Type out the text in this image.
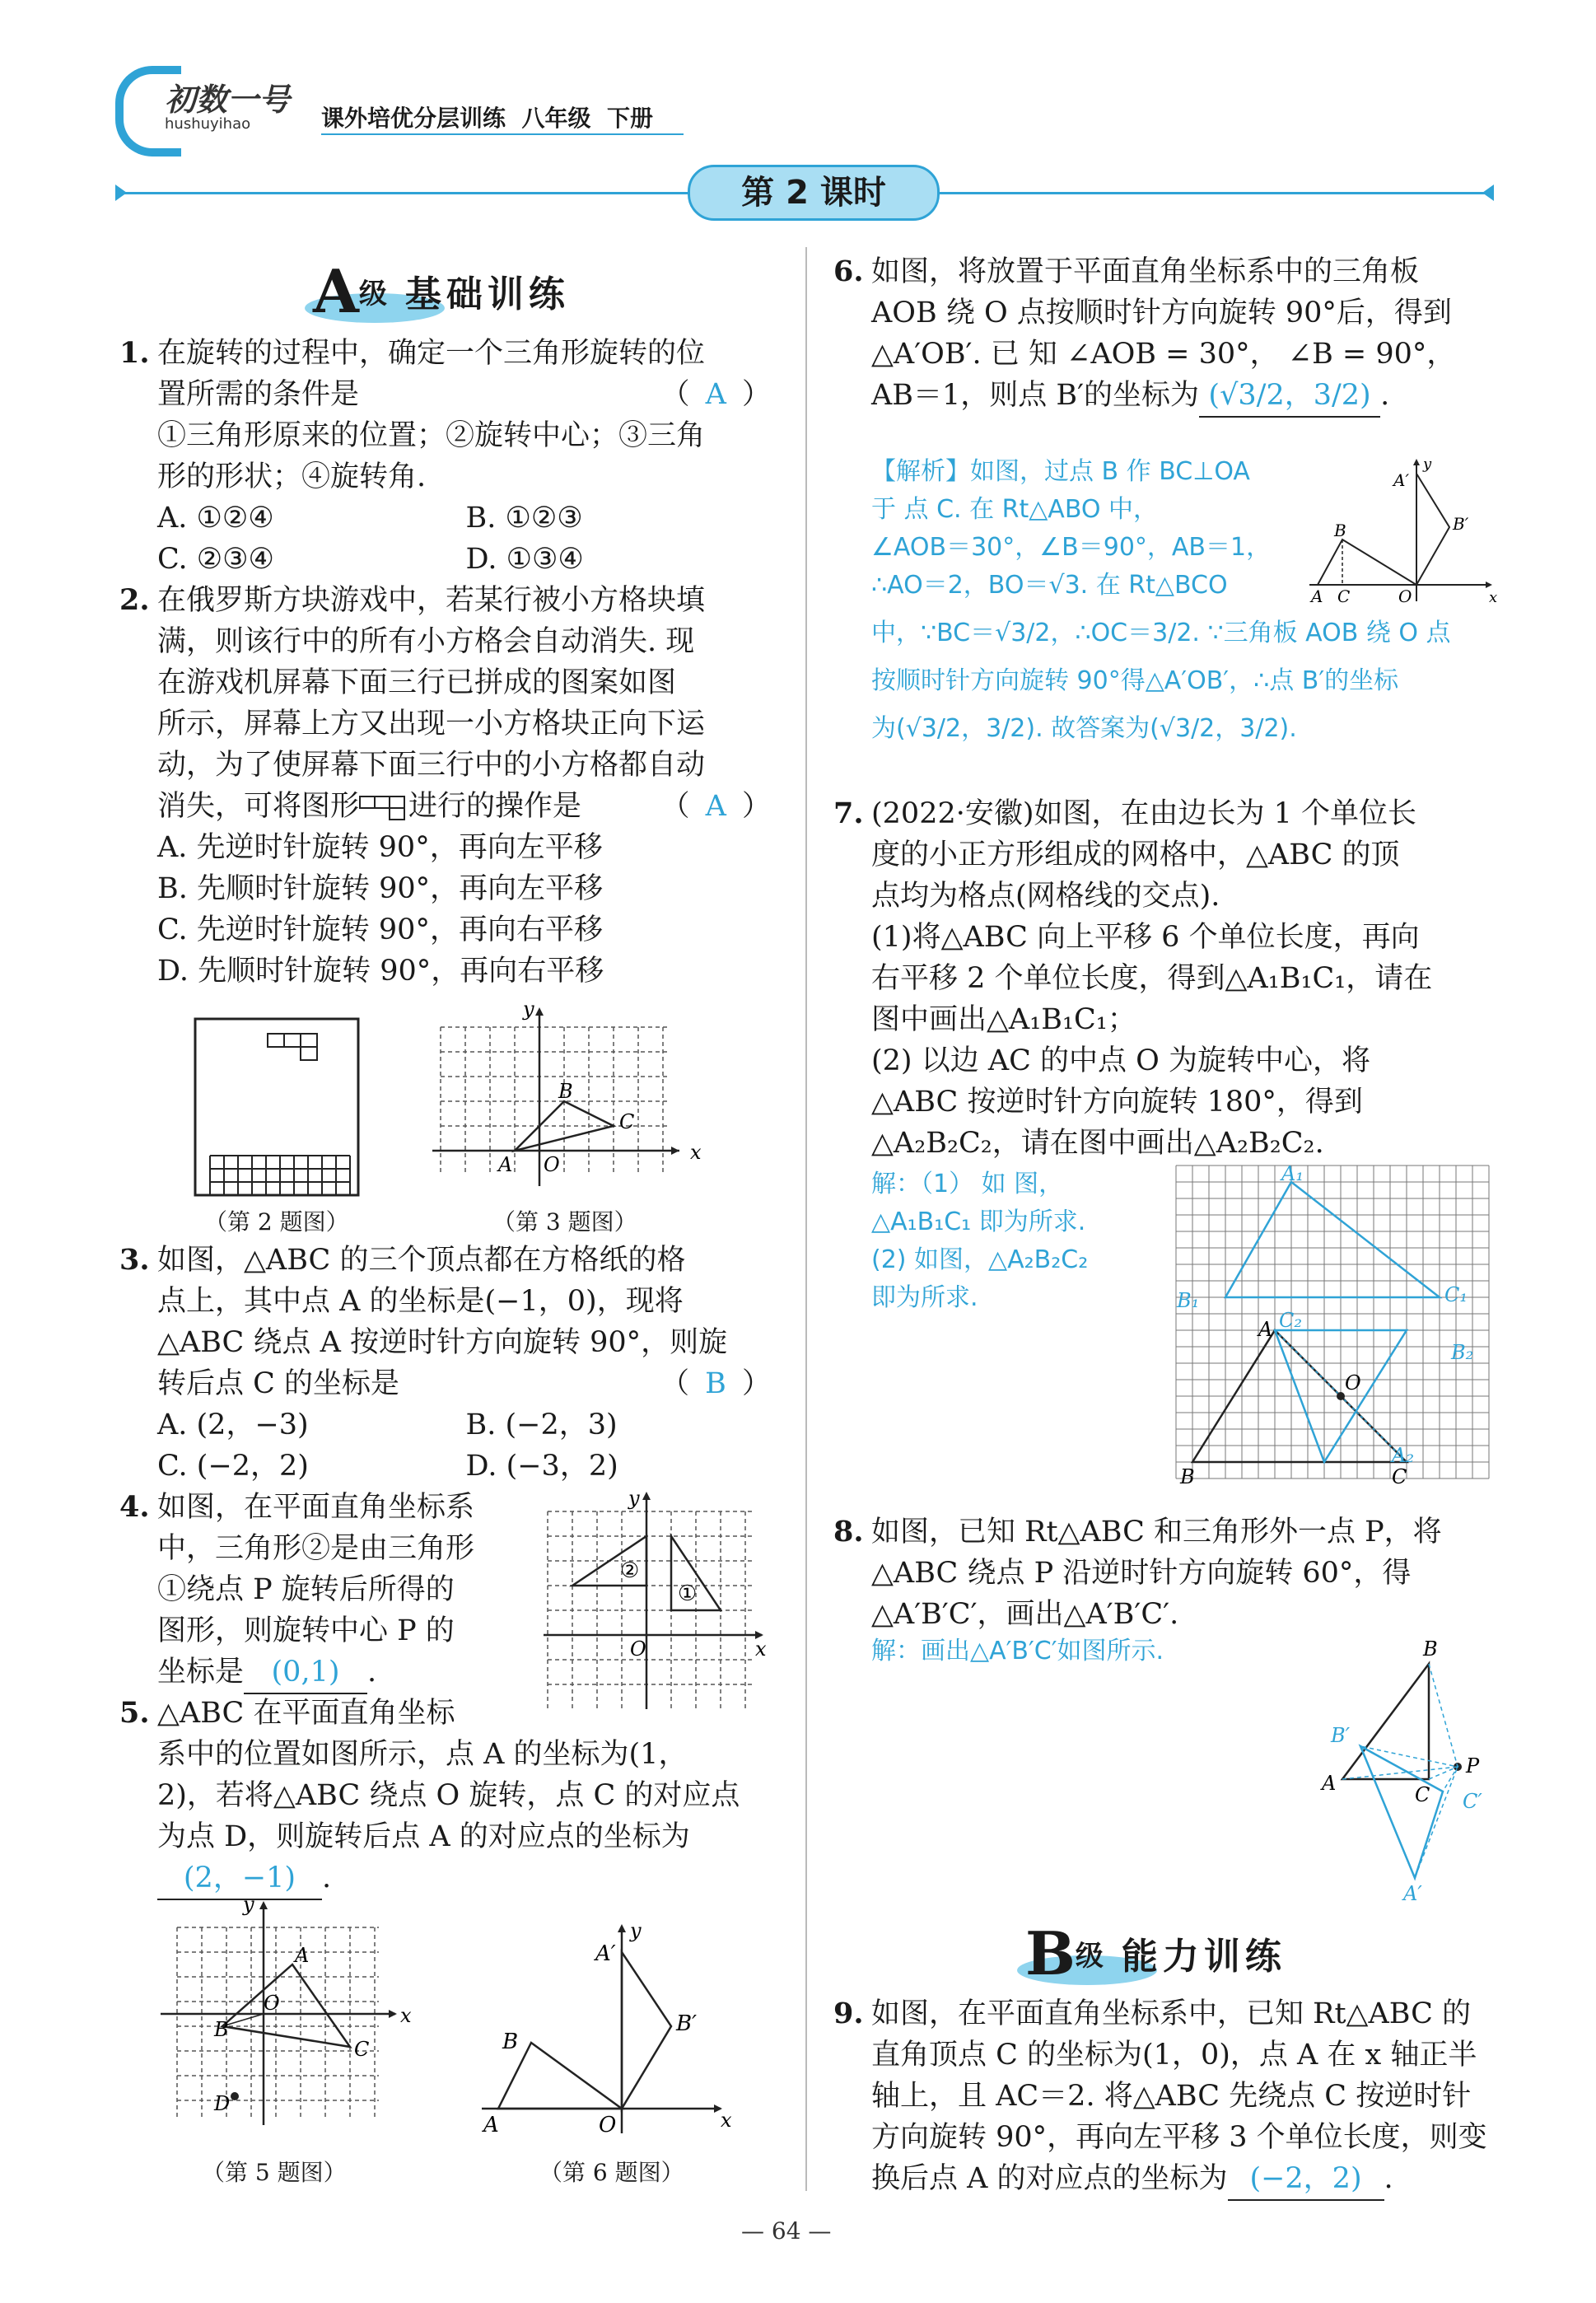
初数一号
hushuyihao	课外培优分层训练 八年级 下册
第 2 课时
A 级 基础训练

1. 在旋转的过程中，确定一个三角形旋转的位

置所需的条件是	（ A ）

①三角形原来的位置；②旋转中心；③三角

形的形状；④旋转角.

A. ①②④	B. ①②③

C. ②③④	D. ①③④

2. 在俄罗斯方块游戏中，若某行被小方格块填

满，则该行中的所有小方格会自动消失. 现

在游戏机屏幕下面三行已拼成的图案如图

所示，屏幕上方又出现一小方格块正向下运

动，为了使屏幕下面三行中的小方格都自动

消失，可将图形 进行的操作是	（ A ）

A. 先逆时针旋转 90°，再向左平移

B. 先顺时针旋转 90°，再向左平移

C. 先逆时针旋转 90°，再向右平移

D. 先顺时针旋转 90°，再向右平移

（第 2 题图）
x
y
A O
B
C
（第 3 题图）

3. 如图，△ABC 的三个顶点都在方格纸的格

点上，其中点 A 的坐标是(−1，0)，现将

△ABC 绕点 A 按逆时针方向旋转 90°，则旋

转后点 C 的坐标是	（ B ）

A. (2，−3)	B. (−2，3)

C. (−2，2)	D. (−3，2)

4. 如图，在平面直角坐标系

中，三角形②是由三角形

①绕点 P 旋转后所得的

图形，则旋转中心 P 的

坐标是 (0,1) .

②
①
O	x
y

5. △ABC 在平面直角坐标

系中的位置如图所示，点 A 的坐标为(1，

2)，若将△ABC 绕点 O 旋转，点 C 的对应点

为点 D，则旋转后点 A 的对应点的坐标为

(2，−1) .

A
O
B
C
D
x
y
（第 5 题图）
B
A	O
A′
B′
x
y
（第 6 题图）

6. 如图，将放置于平面直角坐标系中的三角板

AOB 绕 O 点按顺时针方向旋转 90°后，得到

△A′OB′. 已 知 ∠AOB = 30°， ∠B = 90°，

AB＝1，则点 B′的坐标为 (√3/2，3/2) .

【解析】如图，过点 B 作 BC⊥OA
于 点 C. 在 Rt△ABO 中，
∠AOB＝30°，∠B＝90°，AB＝1，
∴AO＝2，BO＝√3. 在 Rt△BCO
中，∵BC＝√3/2，∴OC＝3/2. ∵三角板 AOB 绕 O 点
按顺时针方向旋转 90°得△A′OB′，∴点 B′的坐标
为(√3/2，3/2). 故答案为(√3/2，3/2).
B
A C	O
A′
B′
x
y

7. (2022·安徽)如图，在由边长为 1 个单位长

度的小正方形组成的网格中，△ABC 的顶

点均为格点(网格线的交点).

(1)将△ABC 向上平移 6 个单位长度，再向

右平移 2 个单位长度，得到△A₁B₁C₁，请在

图中画出△A₁B₁C₁；

(2) 以边 AC 的中点 O 为旋转中心，将

△ABC 按逆时针方向旋转 180°，得到

△A₂B₂C₂，请在图中画出△A₂B₂C₂.

解：（1） 如 图，
△A₁B₁C₁ 即为所求.
(2) 如图，△A₂B₂C₂
即为所求.
B
A
C
O
B₁
A₁
C₁
C₂
B₂
A₂

8. 如图，已知 Rt△ABC 和三角形外一点 P，将

△ABC 绕点 P 沿逆时针方向旋转 60°，得

△A′B′C′，画出△A′B′C′.

解：画出△A′B′C′如图所示.	B
A	C
P
B′
C′
A′
B 级 能力训练

9. 如图，在平面直角坐标系中，已知 Rt△ABC 的

直角顶点 C 的坐标为(1，0)，点 A 在 x 轴正半

轴上，且 AC＝2. 将△ABC 先绕点 C 按逆时针

方向旋转 90°，再向左平移 3 个单位长度，则变

换后点 A 的对应点的坐标为 (−2，2) .

— 64 —
